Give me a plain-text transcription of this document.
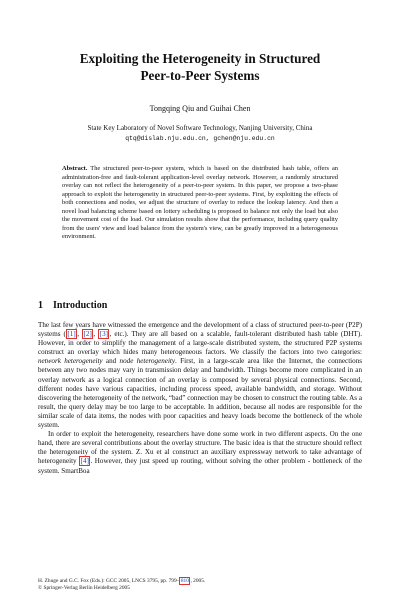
Exploiting the Heterogeneity in Structured
Peer-to-Peer Systems
Tongqing Qiu and Guihai Chen
State Key Laboratory of Novel Software Technology, Nanjing University, China
qtq@dislab.nju.edu.cn, gchen@nju.edu.cn
Abstract. The structured peer-to-peer system, which is based on the distributed hash table, offers an administration-free and fault-tolerant application-level overlay network. However, a randomly structured overlay can not reflect the heterogeneity of a peer-to-peer system. In this paper, we propose a two-phase approach to exploit the heterogeneity in structured peer-to-peer systems. First, by exploiting the effects of both connections and nodes, we adjust the structure of overlay to reduce the lookup latency. And then a novel load balancing scheme based on lottery scheduling is proposed to balance not only the load but also the movement cost of the load. Our simulation results show that the performance, including query quality from the users' view and load balance from the system's view, can be greatly improved in a heterogeneous environment.
1 Introduction

The last few years have witnessed the emergence and the development of a class of structured peer-to-peer (P2P) systems ( [1] , [2] , [3] , etc.). They are all based on a scalable, fault-tolerant distributed hash table (DHT). However, in order to simplify the management of a large-scale distributed system, the structured P2P systems construct an overlay which hides many heterogeneous factors. We classify the factors into two categories: network heterogeneity and node heterogeneity. First, in a large-scale area like the Internet, the connections between any two nodes may vary in transmission delay and bandwidth. Things become more complicated in an overlay network as a logical connection of an overlay is composed by several physical connections. Second, different nodes have various capacities, including process speed, available bandwidth, and storage. Without discovering the heterogeneity of the network, “bad” connection may be chosen to construct the routing table. As a result, the query delay may be too large to be acceptable. In addition, because all nodes are responsible for the similar scale of data items, the nodes with poor capacities and heavy loads become the bottleneck of the whole system.

In order to exploit the heterogeneity, researchers have done some work in two different aspects. On the one hand, there are several contributions about the overlay structure. The basic idea is that the structure should reflect the heterogeneity of the system. Z. Xu et al construct an auxiliary expressway network to take advantage of heterogeneity [4] . However, they just speed up routing, without solving the other problem - bottleneck of the system. SmartBoa

H. Zhuge and G.C. Fox (Eds.): GCC 2005, LNCS 3795, pp. 799– 810 , 2005.
© Springer-Verlag Berlin Heidelberg 2005
